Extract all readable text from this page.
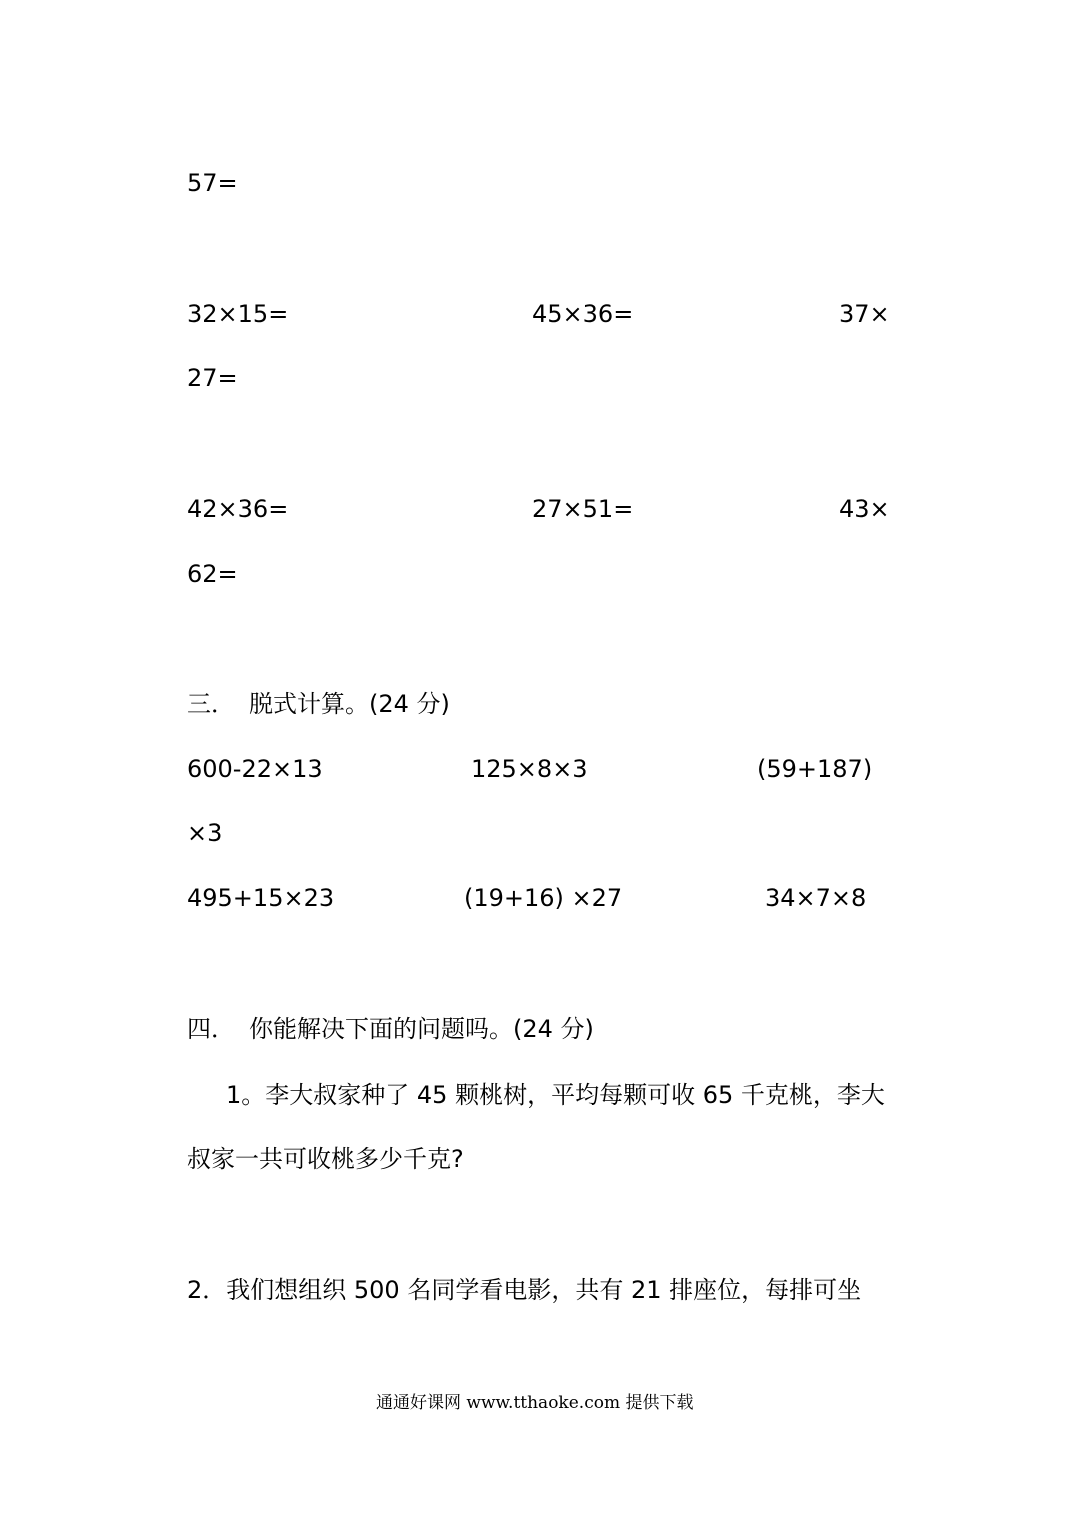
57=
32×15=	45×36=	37×
27=
42×36=	27×51=	43×
62=
三． 脱式计算。(24 分)
600-22×13	125×8×3	(59+187)
×3
495+15×23	(19+16) ×27	34×7×8
四． 你能解决下面的问题吗。(24 分)
1。李大叔家种了 45 颗桃树，平均每颗可收 65 千克桃，李大
叔家一共可收桃多少千克?
2．我们想组织 500 名同学看电影，共有 21 排座位，每排可坐
通通好课网 www.tthaoke.com 提供下载
